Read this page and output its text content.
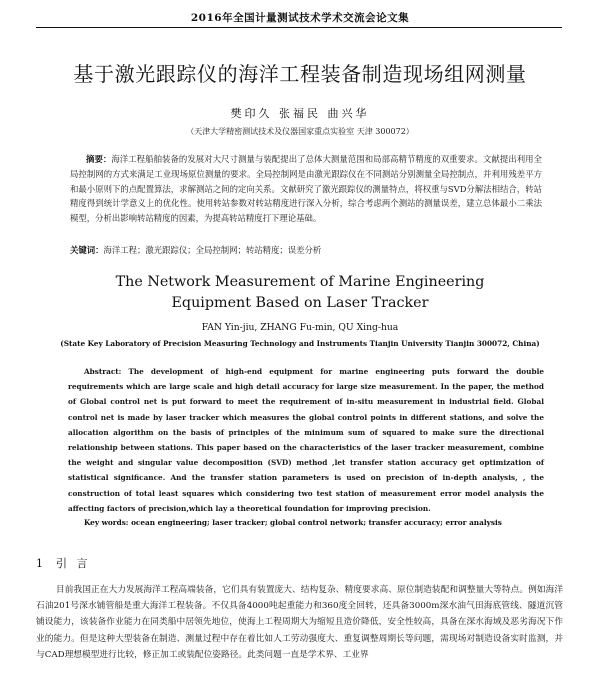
2016年全国计量测试技术学术交流会论文集
基于激光跟踪仪的海洋工程装备制造现场组网测量
樊印久 张福民 曲兴华
（天津大学精密测试技术及仪器国家重点实验室 天津 300072）
摘要：海洋工程船舶装备的发展对大尺寸测量与装配提出了总体大测量范围和局部高精节精度的双重要求。文献提出利用全局控制网的方式来满足工业现场原位测量的要求。全局控制网是由激光跟踪仪在不同测站分别测量全局控制点，并利用残差平方和最小原则下的点配置算法，求解测站之间的定向关系。文献研究了激光跟踪仪的测量特点，将权重与SVD分解法相结合，转站精度得到统计学意义上的优化性。使用转站参数对转站精度进行深入分析，综合考虑两个测站的测量误差，建立总体最小二乘法模型，分析出影响转站精度的因素，为提高转站精度打下理论基础。
关键词：海洋工程；激光跟踪仪；全局控制网；转站精度；误差分析
The Network Measurement of Marine Engineering Equipment Based on Laser Tracker
FAN Yin-jiu, ZHANG Fu-min, QU Xing-hua
(State Key Laboratory of Precision Measuring Technology and Instruments Tianjin University Tianjin 300072, China)
Abstract: The development of high-end equipment for marine engineering puts forward the double requirements which are large scale and high detail accuracy for large size measurement. In the paper, the method of Global control net is put forward to meet the requirement of in-situ measurement in industrial field. Global control net is made by laser tracker which measures the global control points in different stations, and solve the allocation algorithm on the basis of principles of the minimum sum of squared to make sure the directional relationship between stations. This paper based on the characteristics of the laser tracker measurement, combine the weight and singular value decomposition (SVD) method ,let transfer station accuracy get optimization of statistical significance. And the transfer station parameters is used on precision of in-depth analysis, , the construction of total least squares which considering two test station of measurement error model analysis the affecting factors of precision,which lay a theoretical foundation for improving precision.
Key words: ocean engineering; laser tracker; global control network; transfer accuracy; error analysis
1 引 言
目前我国正在大力发展海洋工程高端装备，它们具有装置庞大、结构复杂、精度要求高、原位制造装配和调整量大等特点。例如海洋石油201号深水铺管船是重大海洋工程装备。不仅具备4000吨起重能力和360度全回转，还具备3000m深水油气田海底管线、隧道沉管铺设能力，该装备作业能力在同类船中居领先地位，使海上工程周期大为缩短且造价降低，安全性较高，具备在深水海域及恶劣海况下作业的能力。但是这种大型装备在制造、测量过程中存在着比如人工劳动强度大、重复调整周期长等问题，需现场对制造设备实时监测，并与CAD理想模型进行比较，修正加工或装配位姿路径。此类问题一直是学术界、工业界
